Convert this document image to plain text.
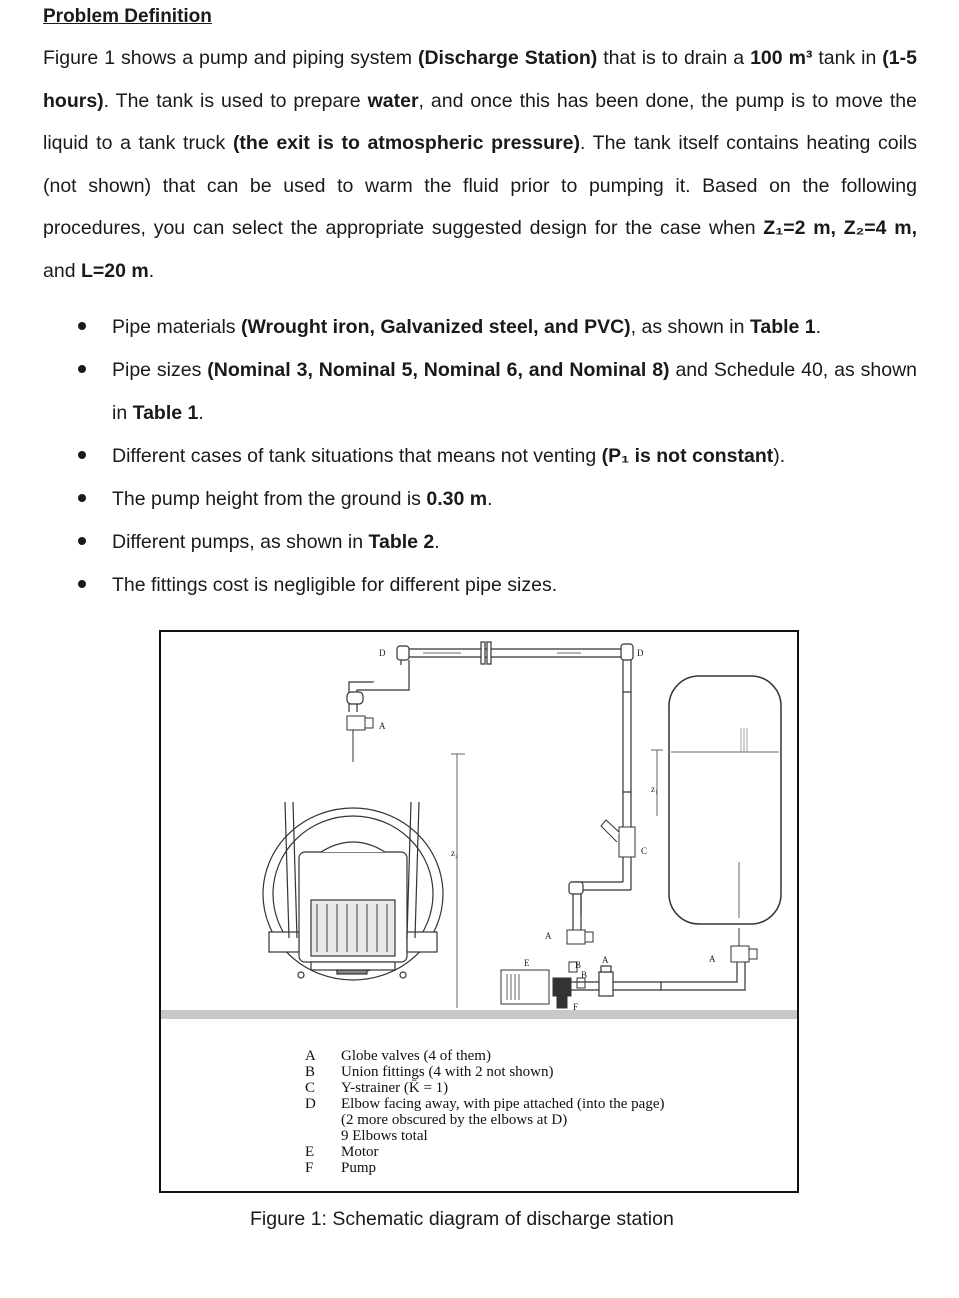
Problem Definition
Figure 1 shows a pump and piping system (Discharge Station) that is to drain a 100 m³ tank in (1-5 hours). The tank is used to prepare water, and once this has been done, the pump is to move the liquid to a tank truck (the exit is to atmospheric pressure). The tank itself contains heating coils (not shown) that can be used to warm the fluid prior to pumping it. Based on the following procedures, you can select the appropriate suggested design for the case when Z₁=2 m, Z₂=4 m, and L=20 m.
Pipe materials (Wrought iron, Galvanized steel, and PVC), as shown in Table 1.
Pipe sizes (Nominal 3, Nominal 5, Nominal 6, and Nominal 8) and Schedule 40, as shown in Table 1.
Different cases of tank situations that means not venting (P₁ is not constant).
The pump height from the ground is 0.30 m.
Different pumps, as shown in Table 2.
The fittings cost is negligible for different pipe sizes.
D
A
D
C
A
z₂
E
F
B
B
A	A
z₁
A	Globe valves (4 of them)
B	Union fittings (4 with 2 not shown)
C	Y-strainer (K̄ = 1)
D	Elbow facing away, with pipe attached (into the page)
(2 more obscured by the elbows at D)
9 Elbows total
E	Motor
F	Pump
Figure 1: Schematic diagram of discharge station
